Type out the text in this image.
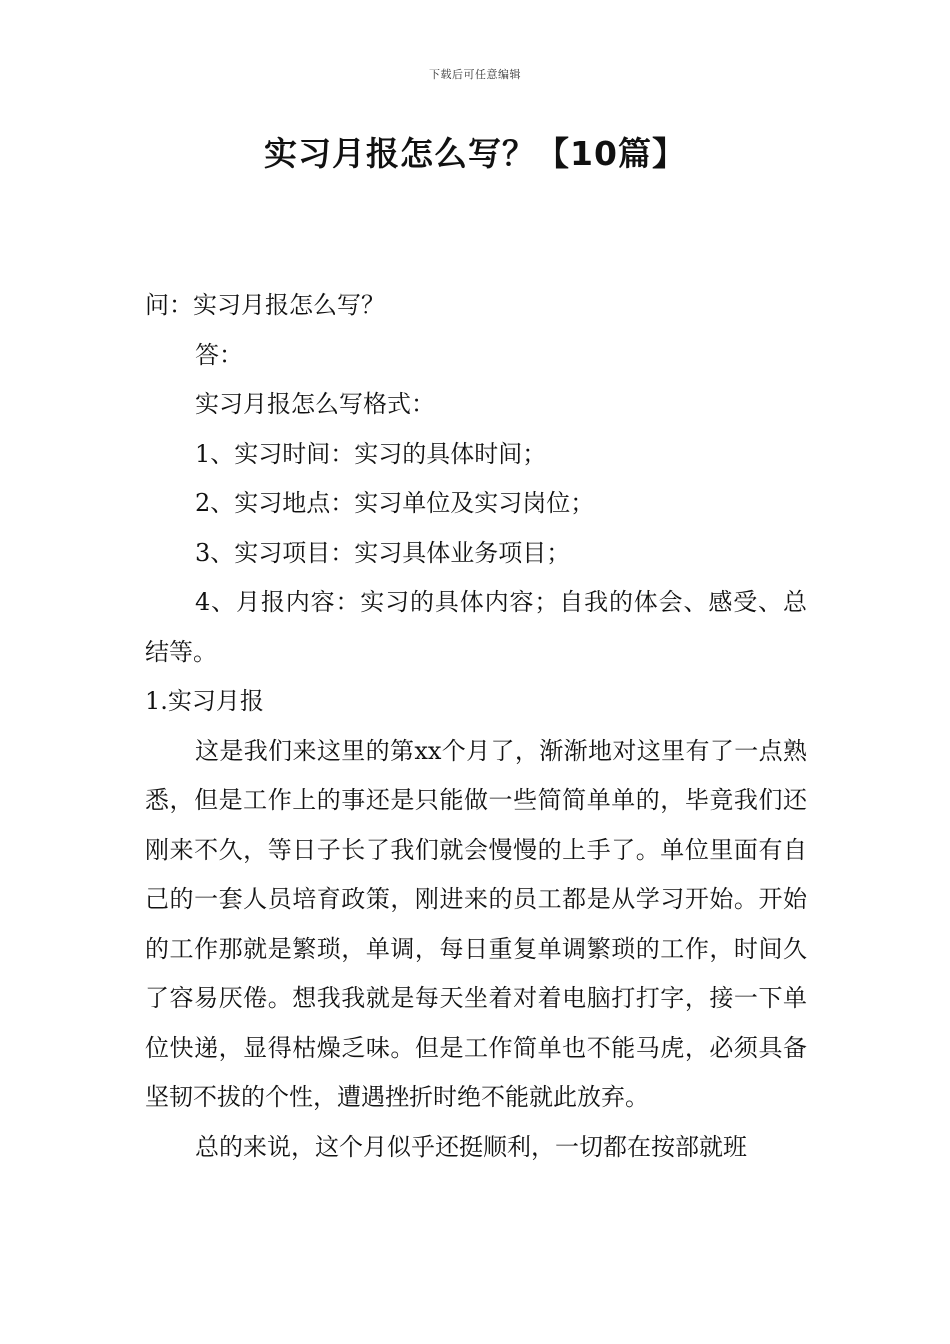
下载后可任意编辑
实习月报怎么写？【10篇】

问：实习月报怎么写？

答：

实习月报怎么写格式：

1、实习时间：实习的具体时间；

2、实习地点：实习单位及实习岗位；

3、实习项目：实习具体业务项目；

4、月报内容：实习的具体内容；自我的体会、感受、总结等。

1.实习月报

这是我们来这里的第xx个月了，渐渐地对这里有了一点熟悉，但是工作上的事还是只能做一些简简单单的，毕竟我们还刚来不久，等日子长了我们就会慢慢的上手了。单位里面有自己的一套人员培育政策，刚进来的员工都是从学习开始。开始的工作那就是繁琐，单调，每日重复单调繁琐的工作，时间久了容易厌倦。想我我就是每天坐着对着电脑打打字，接一下单位快递，显得枯燥乏味。但是工作简单也不能马虎，必须具备坚韧不拔的个性，遭遇挫折时绝不能就此放弃。

总的来说，这个月似乎还挺顺利，一切都在按部就班
